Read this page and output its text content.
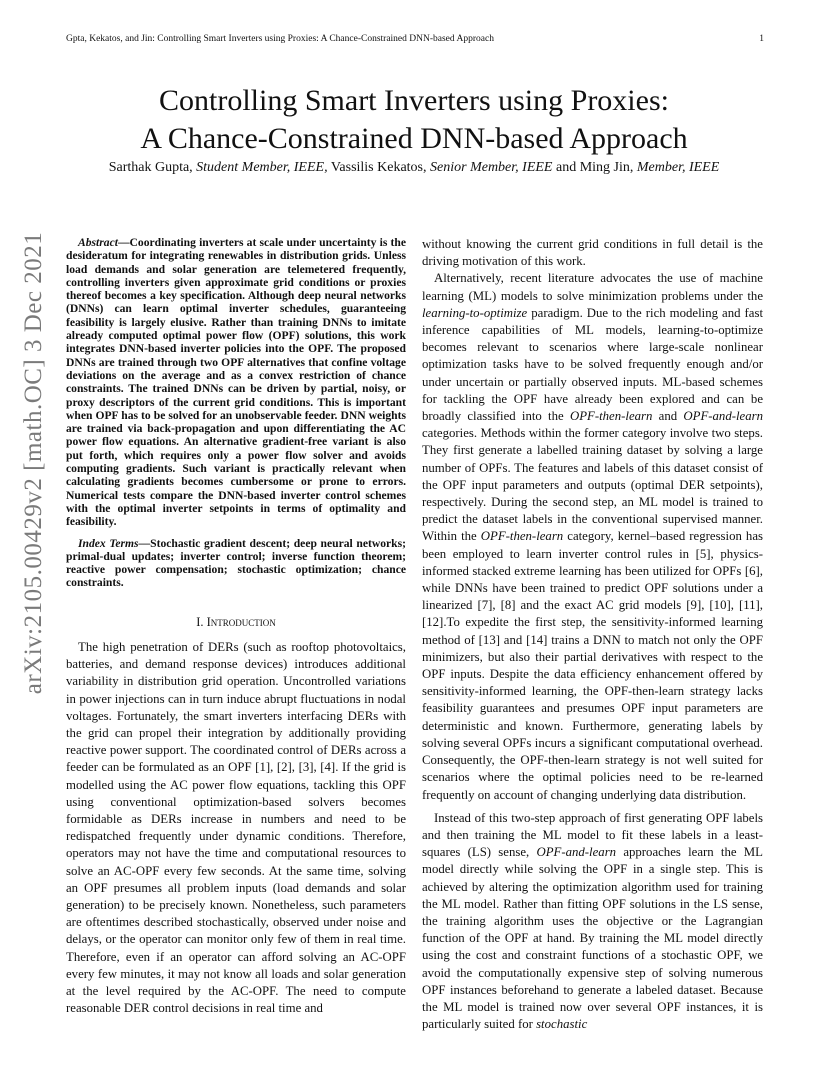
Gpta, Kekatos, and Jin: Controlling Smart Inverters using Proxies: A Chance-Constrained DNN-based Approach	1
Controlling Smart Inverters using Proxies:
A Chance-Constrained DNN-based Approach
Sarthak Gupta, Student Member, IEEE, Vassilis Kekatos, Senior Member, IEEE and Ming Jin, Member, IEEE
arXiv:2105.00429v2 [math.OC] 3 Dec 2021	Abstract—Coordinating inverters at scale under uncertainty is the desideratum for integrating renewables in distribution grids. Unless load demands and solar generation are telemetered frequently, controlling inverters given approximate grid conditions or proxies thereof becomes a key specification. Although deep neural networks (DNNs) can learn optimal inverter schedules, guaranteeing feasibility is largely elusive. Rather than training DNNs to imitate already computed optimal power flow (OPF) solutions, this work integrates DNN-based inverter policies into the OPF. The proposed DNNs are trained through two OPF alternatives that confine voltage deviations on the average and as a convex restriction of chance constraints. The trained DNNs can be driven by partial, noisy, or proxy descriptors of the current grid conditions. This is important when OPF has to be solved for an unobservable feeder. DNN weights are trained via back-propagation and upon differentiating the AC power flow equations. An alternative gradient-free variant is also put forth, which requires only a power flow solver and avoids computing gradients. Such variant is practically relevant when calculating gradients becomes cumbersome or prone to errors. Numerical tests compare the DNN-based inverter control schemes with the optimal inverter setpoints in terms of optimality and feasibility.

Index Terms—Stochastic gradient descent; deep neural networks; primal-dual updates; inverter control; inverse function theorem; reactive power compensation; stochastic optimization; chance constraints.

I. Introduction

The high penetration of DERs (such as rooftop photovoltaics, batteries, and demand response devices) introduces additional variability in distribution grid operation. Uncontrolled variations in power injections can in turn induce abrupt fluctuations in nodal voltages. Fortunately, the smart inverters interfacing DERs with the grid can propel their integration by additionally providing reactive power support. The coordinated control of DERs across a feeder can be formulated as an OPF [1], [2], [3], [4]. If the grid is modelled using the AC power flow equations, tackling this OPF using conventional optimization-based solvers becomes formidable as DERs increase in numbers and need to be redispatched frequently under dynamic conditions. Therefore, operators may not have the time and computational resources to solve an AC-OPF every few seconds. At the same time, solving an OPF presumes all problem inputs (load demands and solar generation) to be precisely known. Nonetheless, such parameters are oftentimes described stochastically, observed under noise and delays, or the operator can monitor only few of them in real time. Therefore, even if an operator can afford solving an AC-OPF every few minutes, it may not know all loads and solar generation at the level required by the AC-OPF. The need to compute reasonable DER control decisions in real time and

without knowing the current grid conditions in full detail is the driving motivation of this work.

Alternatively, recent literature advocates the use of machine learning (ML) models to solve minimization problems under the learning-to-optimize paradigm. Due to the rich modeling and fast inference capabilities of ML models, learning-to-optimize becomes relevant to scenarios where large-scale nonlinear optimization tasks have to be solved frequently enough and/or under uncertain or partially observed inputs. ML-based schemes for tackling the OPF have already been explored and can be broadly classified into the OPF-then-learn and OPF-and-learn categories. Methods within the former category involve two steps. They first generate a labelled training dataset by solving a large number of OPFs. The features and labels of this dataset consist of the OPF input parameters and outputs (optimal DER setpoints), respectively. During the second step, an ML model is trained to predict the dataset labels in the conventional supervised manner. Within the OPF-then-learn category, kernel–based regression has been employed to learn inverter control rules in [5], physics-informed stacked extreme learning has been utilized for OPFs [6], while DNNs have been trained to predict OPF solutions under a linearized [7], [8] and the exact AC grid models [9], [10], [11], [12].To expedite the first step, the sensitivity-informed learning method of [13] and [14] trains a DNN to match not only the OPF minimizers, but also their partial derivatives with respect to the OPF inputs. Despite the data efficiency enhancement offered by sensitivity-informed learning, the OPF-then-learn strategy lacks feasibility guarantees and presumes OPF input parameters are deterministic and known. Furthermore, generating labels by solving several OPFs incurs a significant computational overhead. Consequently, the OPF-then-learn strategy is not well suited for scenarios where the optimal policies need to be re-learned frequently on account of changing underlying data distribution.

Instead of this two-step approach of first generating OPF labels and then training the ML model to fit these labels in a least-squares (LS) sense, OPF-and-learn approaches learn the ML model directly while solving the OPF in a single step. This is achieved by altering the optimization algorithm used for training the ML model. Rather than fitting OPF solutions in the LS sense, the training algorithm uses the objective or the Lagrangian function of the OPF at hand. By training the ML model directly using the cost and constraint functions of a stochastic OPF, we avoid the computationally expensive step of solving numerous OPF instances beforehand to generate a labeled dataset. Because the ML model is trained now over several OPF instances, it is particularly suited for stochastic
